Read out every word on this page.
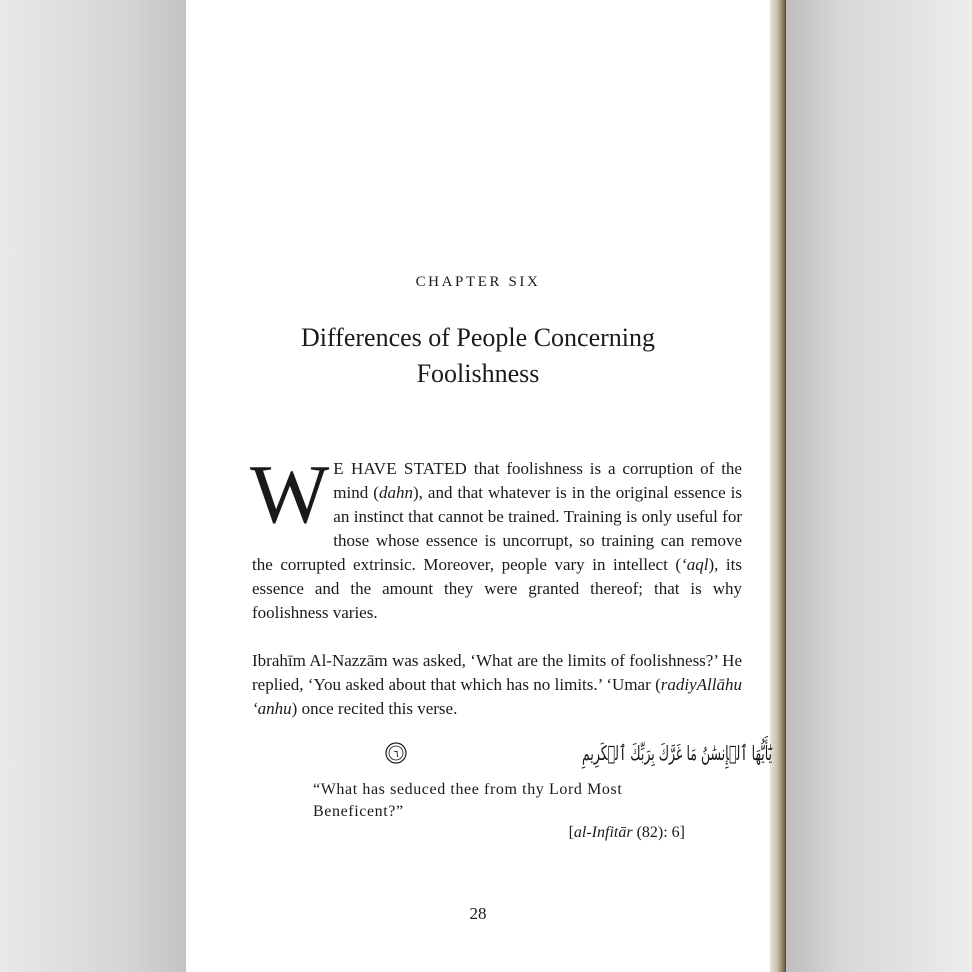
CHAPTER SIX

Differences of People Concerning
Foolishness

W E HAVE STATED that foolishness is a corruption of the mind (dahn), and that whatever is in the original essence is an instinct that cannot be trained. Training is only useful for those whose essence is uncorrupt, so training can remove the corrupted extrinsic. Moreover, people vary in intellect (‘aql), its essence and the amount they were granted thereof; that is why foolishness varies.

Ibrahīm Al-Nazzām was asked, ‘What are the limits of foolishness?’ He replied, ‘You asked about that which has no limits.’ ‘Umar (radiyAllāhu ‘anhu) once recited this verse.

يَٰٓأَيُّهَا ٱلۡإِنسَٰنُ مَا غَرَّكَ بِرَبِّكَ ٱلۡكَرِيمِ
٦

“What has seduced thee from thy Lord Most Beneficent?”

[al-Infitār (82): 6]

28
